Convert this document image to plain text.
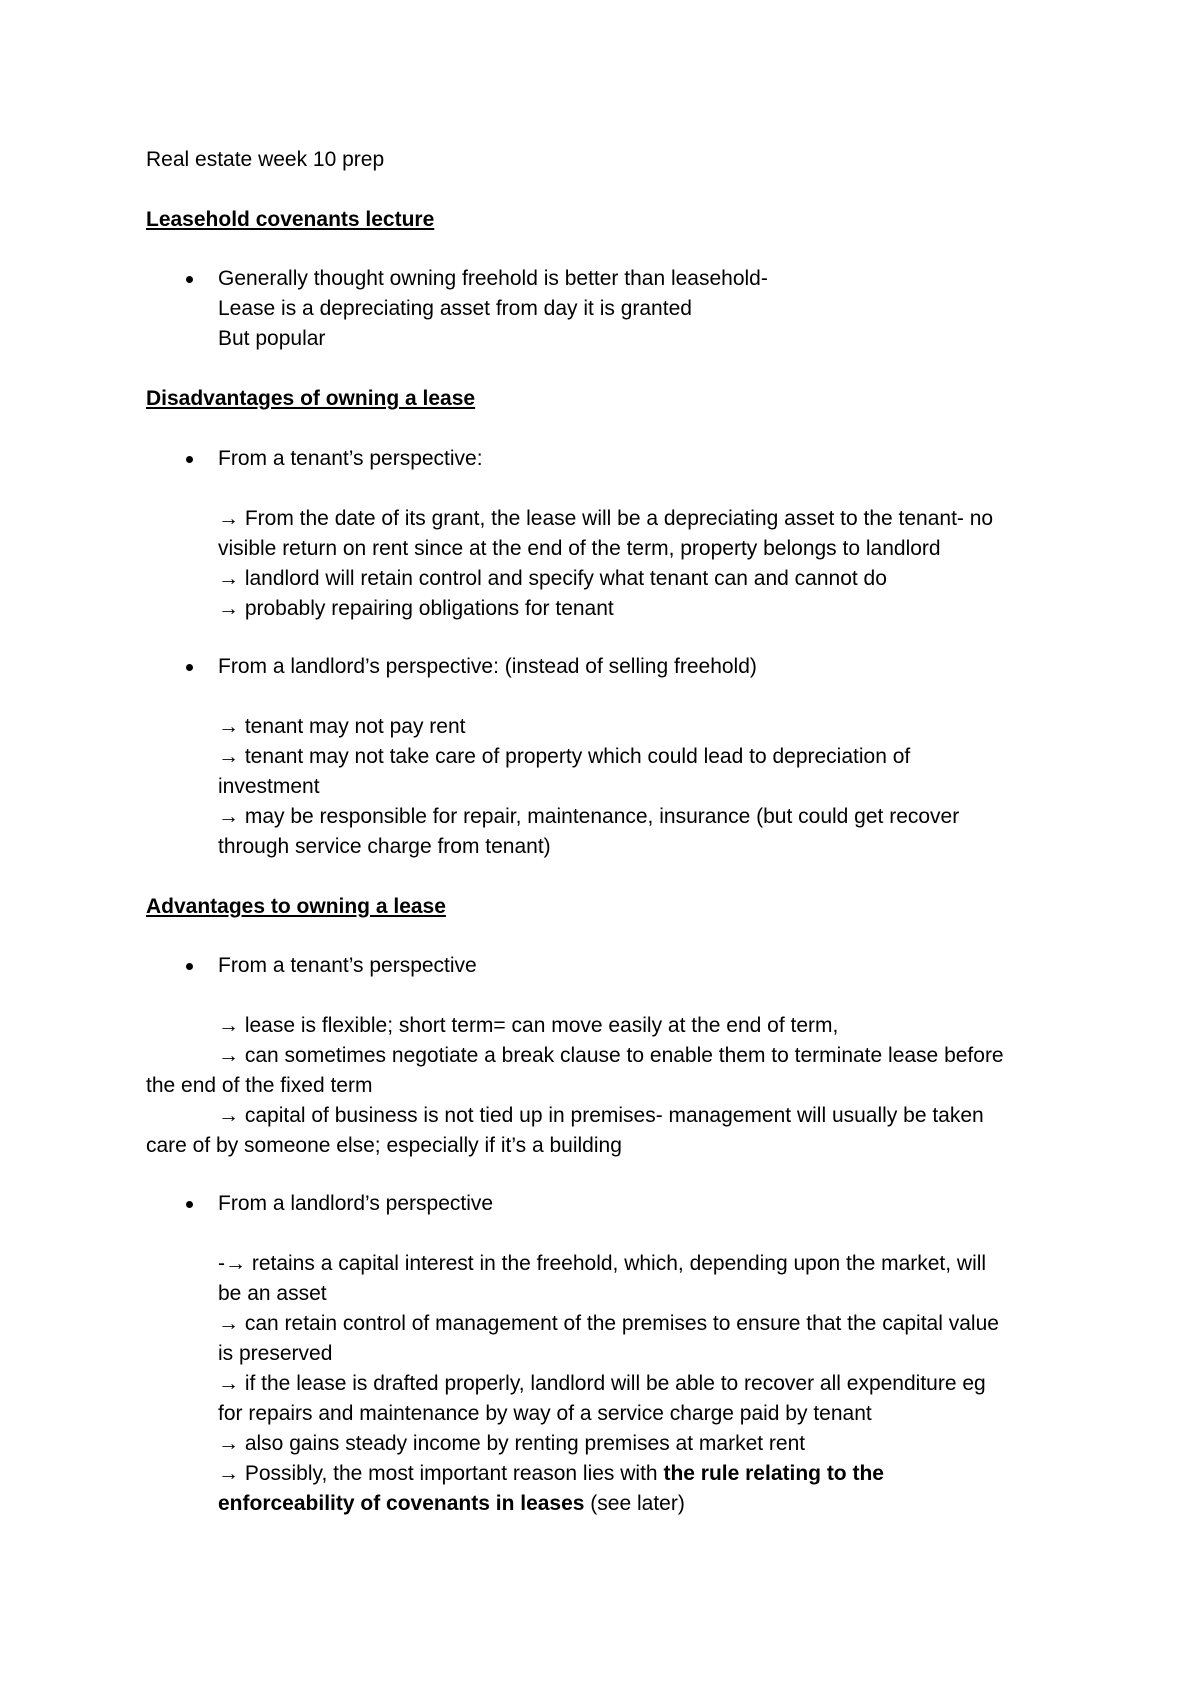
Real estate week 10 prep
Leasehold covenants lecture
Generally thought owning freehold is better than leasehold-
Lease is a depreciating asset from day it is granted
But popular
Disadvantages of owning a lease
From a tenant’s perspective:
→ From the date of its grant, the lease will be a depreciating asset to the tenant- no
visible return on rent since at the end of the term, property belongs to landlord
→ landlord will retain control and specify what tenant can and cannot do
→ probably repairing obligations for tenant
From a landlord’s perspective: (instead of selling freehold)
→ tenant may not pay rent
→ tenant may not take care of property which could lead to depreciation of
investment
→ may be responsible for repair, maintenance, insurance (but could get recover
through service charge from tenant)
Advantages to owning a lease
From a tenant’s perspective
→ lease is flexible; short term= can move easily at the end of term,
→ can sometimes negotiate a break clause to enable them to terminate lease before
the end of the fixed term
→ capital of business is not tied up in premises- management will usually be taken
care of by someone else; especially if it’s a building
From a landlord’s perspective
-→ retains a capital interest in the freehold, which, depending upon the market, will
be an asset
→ can retain control of management of the premises to ensure that the capital value
is preserved
→ if the lease is drafted properly, landlord will be able to recover all expenditure eg
for repairs and maintenance by way of a service charge paid by tenant
→ also gains steady income by renting premises at market rent
→ Possibly, the most important reason lies with the rule relating to the
enforceability of covenants in leases (see later)
